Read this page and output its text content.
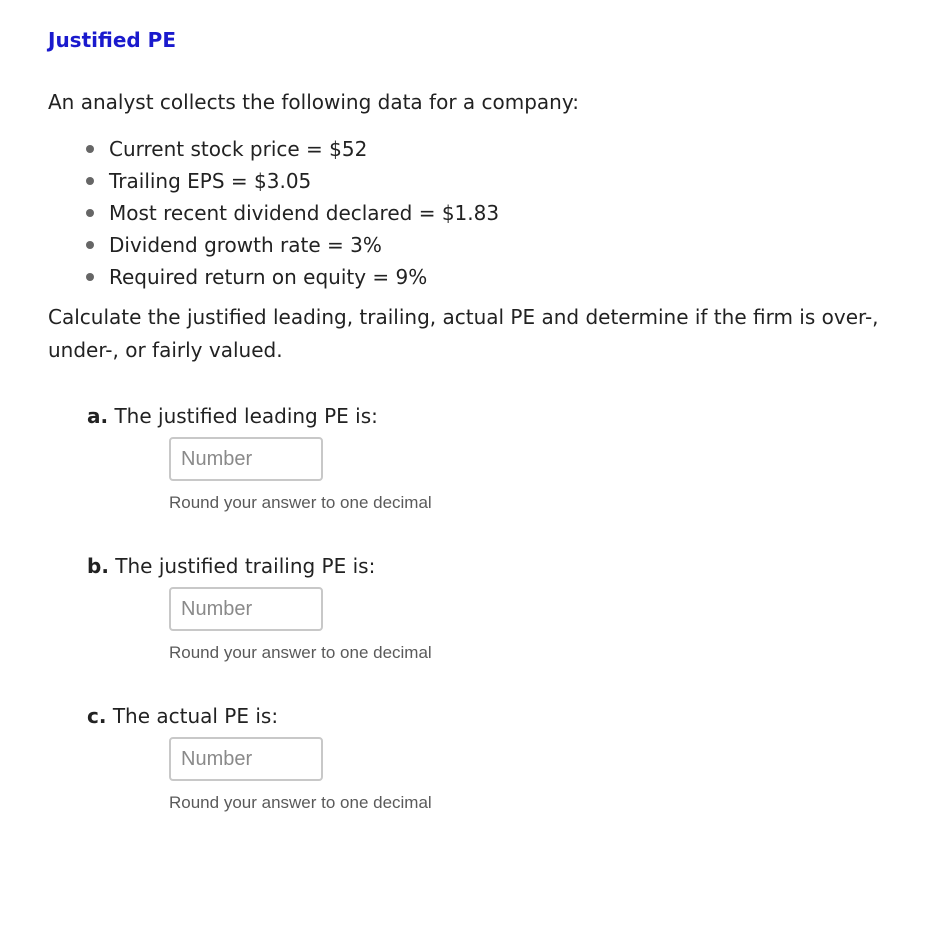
Justified PE

An analyst collects the following data for a company:

Current stock price = $52
Trailing EPS = $3.05
Most recent dividend declared = $1.83
Dividend growth rate = 3%
Required return on equity = 9%

Calculate the justified leading, trailing, actual PE and determine if the firm is over-, under-, or fairly valued.

a. The justified leading PE is:

Number

Round your answer to one decimal

b. The justified trailing PE is:

Number

Round your answer to one decimal

c. The actual PE is:

Number

Round your answer to one decimal
